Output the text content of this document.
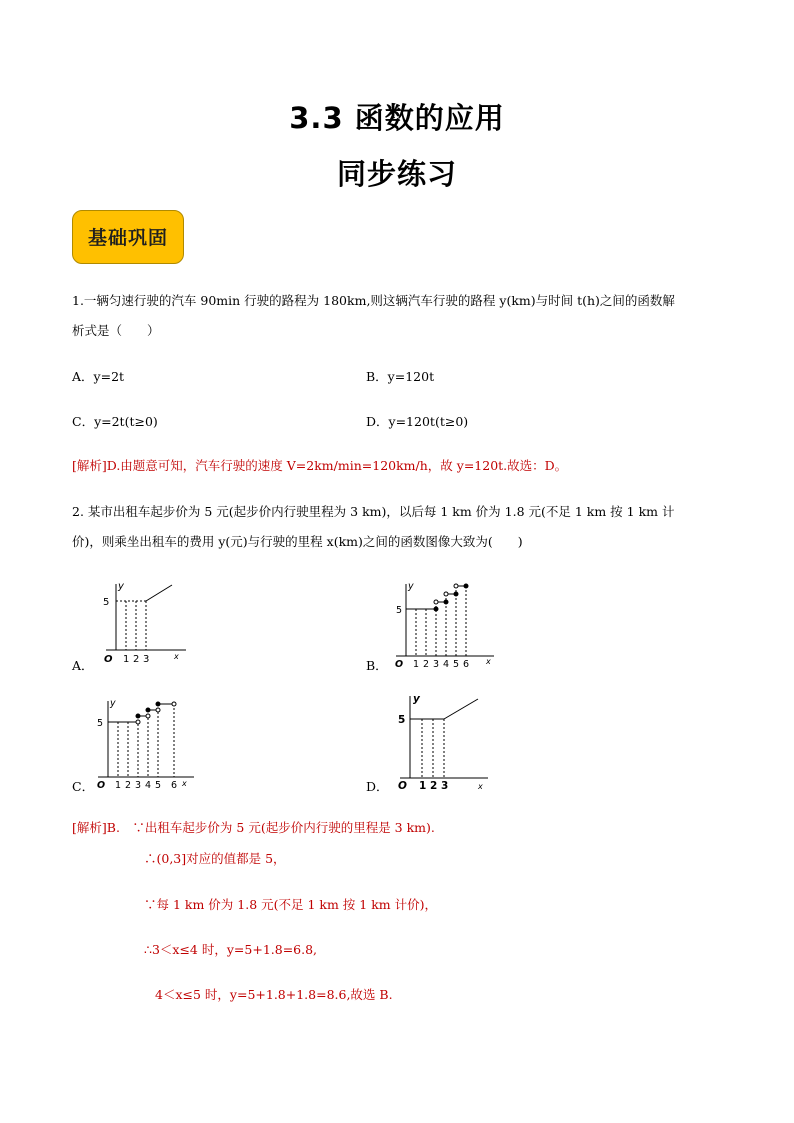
3.3 函数的应用
同步练习
基础巩固
1.一辆匀速行驶的汽车 90min 行驶的路程为 180km,则这辆汽车行驶的路程 y(km)与时间 t(h)之间的函数解
析式是（　　）
A．y=2t	B．y=120t
C．y=2t(t≥0)	D．y=120t(t≥0)
[解析]D.由题意可知，汽车行驶的速度 V=2km/min=120km/h，故 y=120t.故选：D。
2. 某市出租车起步价为 5 元(起步价内行驶里程为 3 km)，以后每 1 km 价为 1.8 元(不足 1 km 按 1 km 计
价)，则乘坐出租车的费用 y(元)与行驶的里程 x(km)之间的函数图像大致为(　　)
A．
y
5
O 1 2 3	x
B．
y
5
O 1 2 3 4 5 6 x
C．
y
5
O 1 2 3 4 5 6 x	D．
y
5
O 1 2 3	x
[解析]B.　∵出租车起步价为 5 元(起步价内行驶的里程是 3 km).
∴(0,3]对应的值都是 5，
∵每 1 km 价为 1.8 元(不足 1 km 按 1 km 计价)，
∴3＜x≤4 时，y=5+1.8=6.8,
4＜x≤5 时，y=5+1.8+1.8=8.6,故选 B.
